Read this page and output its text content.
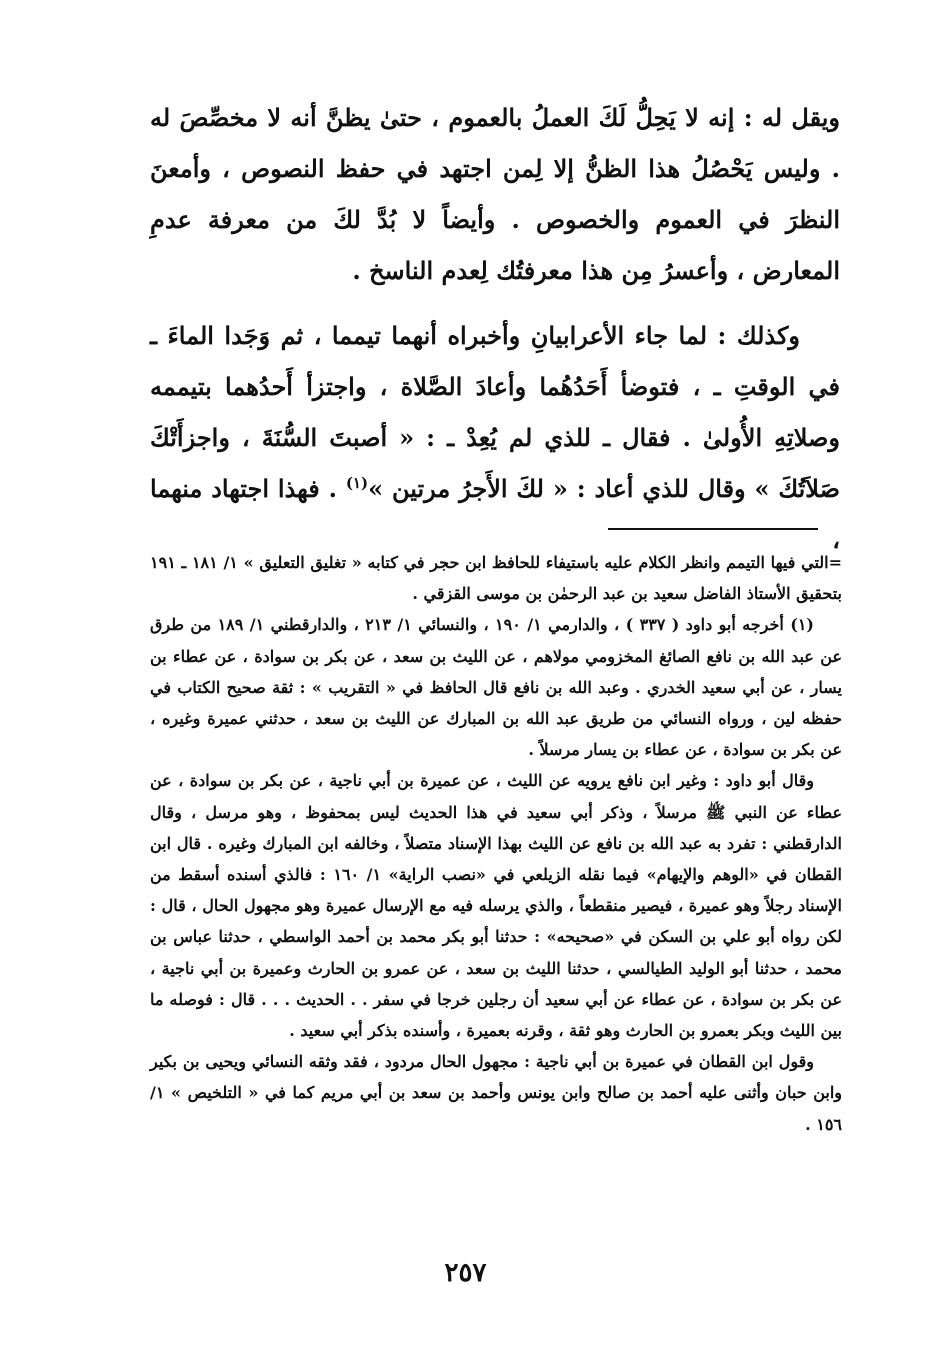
ويقل له : إنه لا يَحِلُّ لَكَ العملُ بالعموم ، حتىٰ يظنَّ أنه لا مخصِّصَ له . وليس يَحْصُلُ هذا الظنُّ إلا لِمن اجتهد في حفظ النصوص ، وأمعنَ النظرَ في العموم والخصوص . وأيضاً لا بُدَّ لكَ من معرفة عدمِ المعارض ، وأعسرُ مِن هذا معرفتُك لِعدم الناسخ .

وكذلك : لما جاء الأعرابيانِ وأخبراه أنهما تيمما ، ثم وَجَدا الماءَ ـ في الوقتِ ـ ، فتوضأ أَحَدُهُما وأعادَ الصَّلاة ، واجتزأ أَحدُهما بتيممه وصلاتِهِ الأُولىٰ . فقال ـ للذي لم يُعِدْ ـ : « أصبتَ السُّنَةَ ، واجزأَتْكَ صَلاَتُكَ » وقال للذي أعاد : « لكَ الأَجرُ مرتين »$^{(١)}$ . فهذا اجتهاد منهما ،

=التي فيها التيمم وانظر الكلام عليه باستيفاء للحافظ ابن حجر في كتابه « تغليق التعليق » ١/ ١٨١ ـ ١٩١ بتحقيق الأستاذ الفاضل سعيد بن عبد الرحمٰن بن موسى القزقي .

(١) أخرجه أبو داود ( ٣٣٧ ) ، والدارمي ١/ ١٩٠ ، والنسائي ١/ ٢١٣ ، والدارقطني ١/ ١٨٩ من طرق عن عبد الله بن نافع الصائغ المخزومي مولاهم ، عن الليث بن سعد ، عن بكر بن سوادة ، عن عطاء بن يسار ، عن أبي سعيد الخدري . وعبد الله بن نافع قال الحافظ في « التقريب » : ثقة صحيح الكتاب في حفظه لين ، ورواه النسائي من طريق عبد الله بن المبارك عن الليث بن سعد ، حدثني عميرة وغيره ، عن بكر بن سوادة ، عن عطاء بن يسار مرسلاً .

وقال أبو داود : وغير ابن نافع يرويه عن الليث ، عن عميرة بن أبي ناجية ، عن بكر بن سوادة ، عن عطاء عن النبي ﷺ مرسلاً ، وذكر أبي سعيد في هذا الحديث ليس بمحفوظ ، وهو مرسل ، وقال الدارقطني : تفرد به عبد الله بن نافع عن الليث بهذا الإسناد متصلاً ، وخالفه ابن المبارك وغيره . قال ابن القطان في «الوهم والإيهام» فيما نقله الزيلعي في «نصب الراية» ١/ ١٦٠ : فالذي أسنده أسقط من الإسناد رجلاً وهو عميرة ، فيصير منقطعاً ، والذي يرسله فيه مع الإرسال عميرة وهو مجهول الحال ، قال : لكن رواه أبو علي بن السكن في «صحيحه» : حدثنا أبو بكر محمد بن أحمد الواسطي ، حدثنا عباس بن محمد ، حدثنا أبو الوليد الطيالسي ، حدثنا الليث بن سعد ، عن عمرو بن الحارث وعميرة بن أبي ناجية ، عن بكر بن سوادة ، عن عطاء عن أبي سعيد أن رجلين خرجا في سفر . . الحديث . . . قال : فوصله ما بين الليث وبكر بعمرو بن الحارث وهو ثقة ، وقرنه بعميرة ، وأسنده بذكر أبي سعيد .

وقول ابن القطان في عميرة بن أبي ناجية : مجهول الحال مردود ، فقد وثقه النسائي ويحيى بن بكير وابن حبان وأثنى عليه أحمد بن صالح وابن يونس وأحمد بن سعد بن أبي مريم كما في « التلخيص » ١/ ١٥٦ .

٢٥٧
